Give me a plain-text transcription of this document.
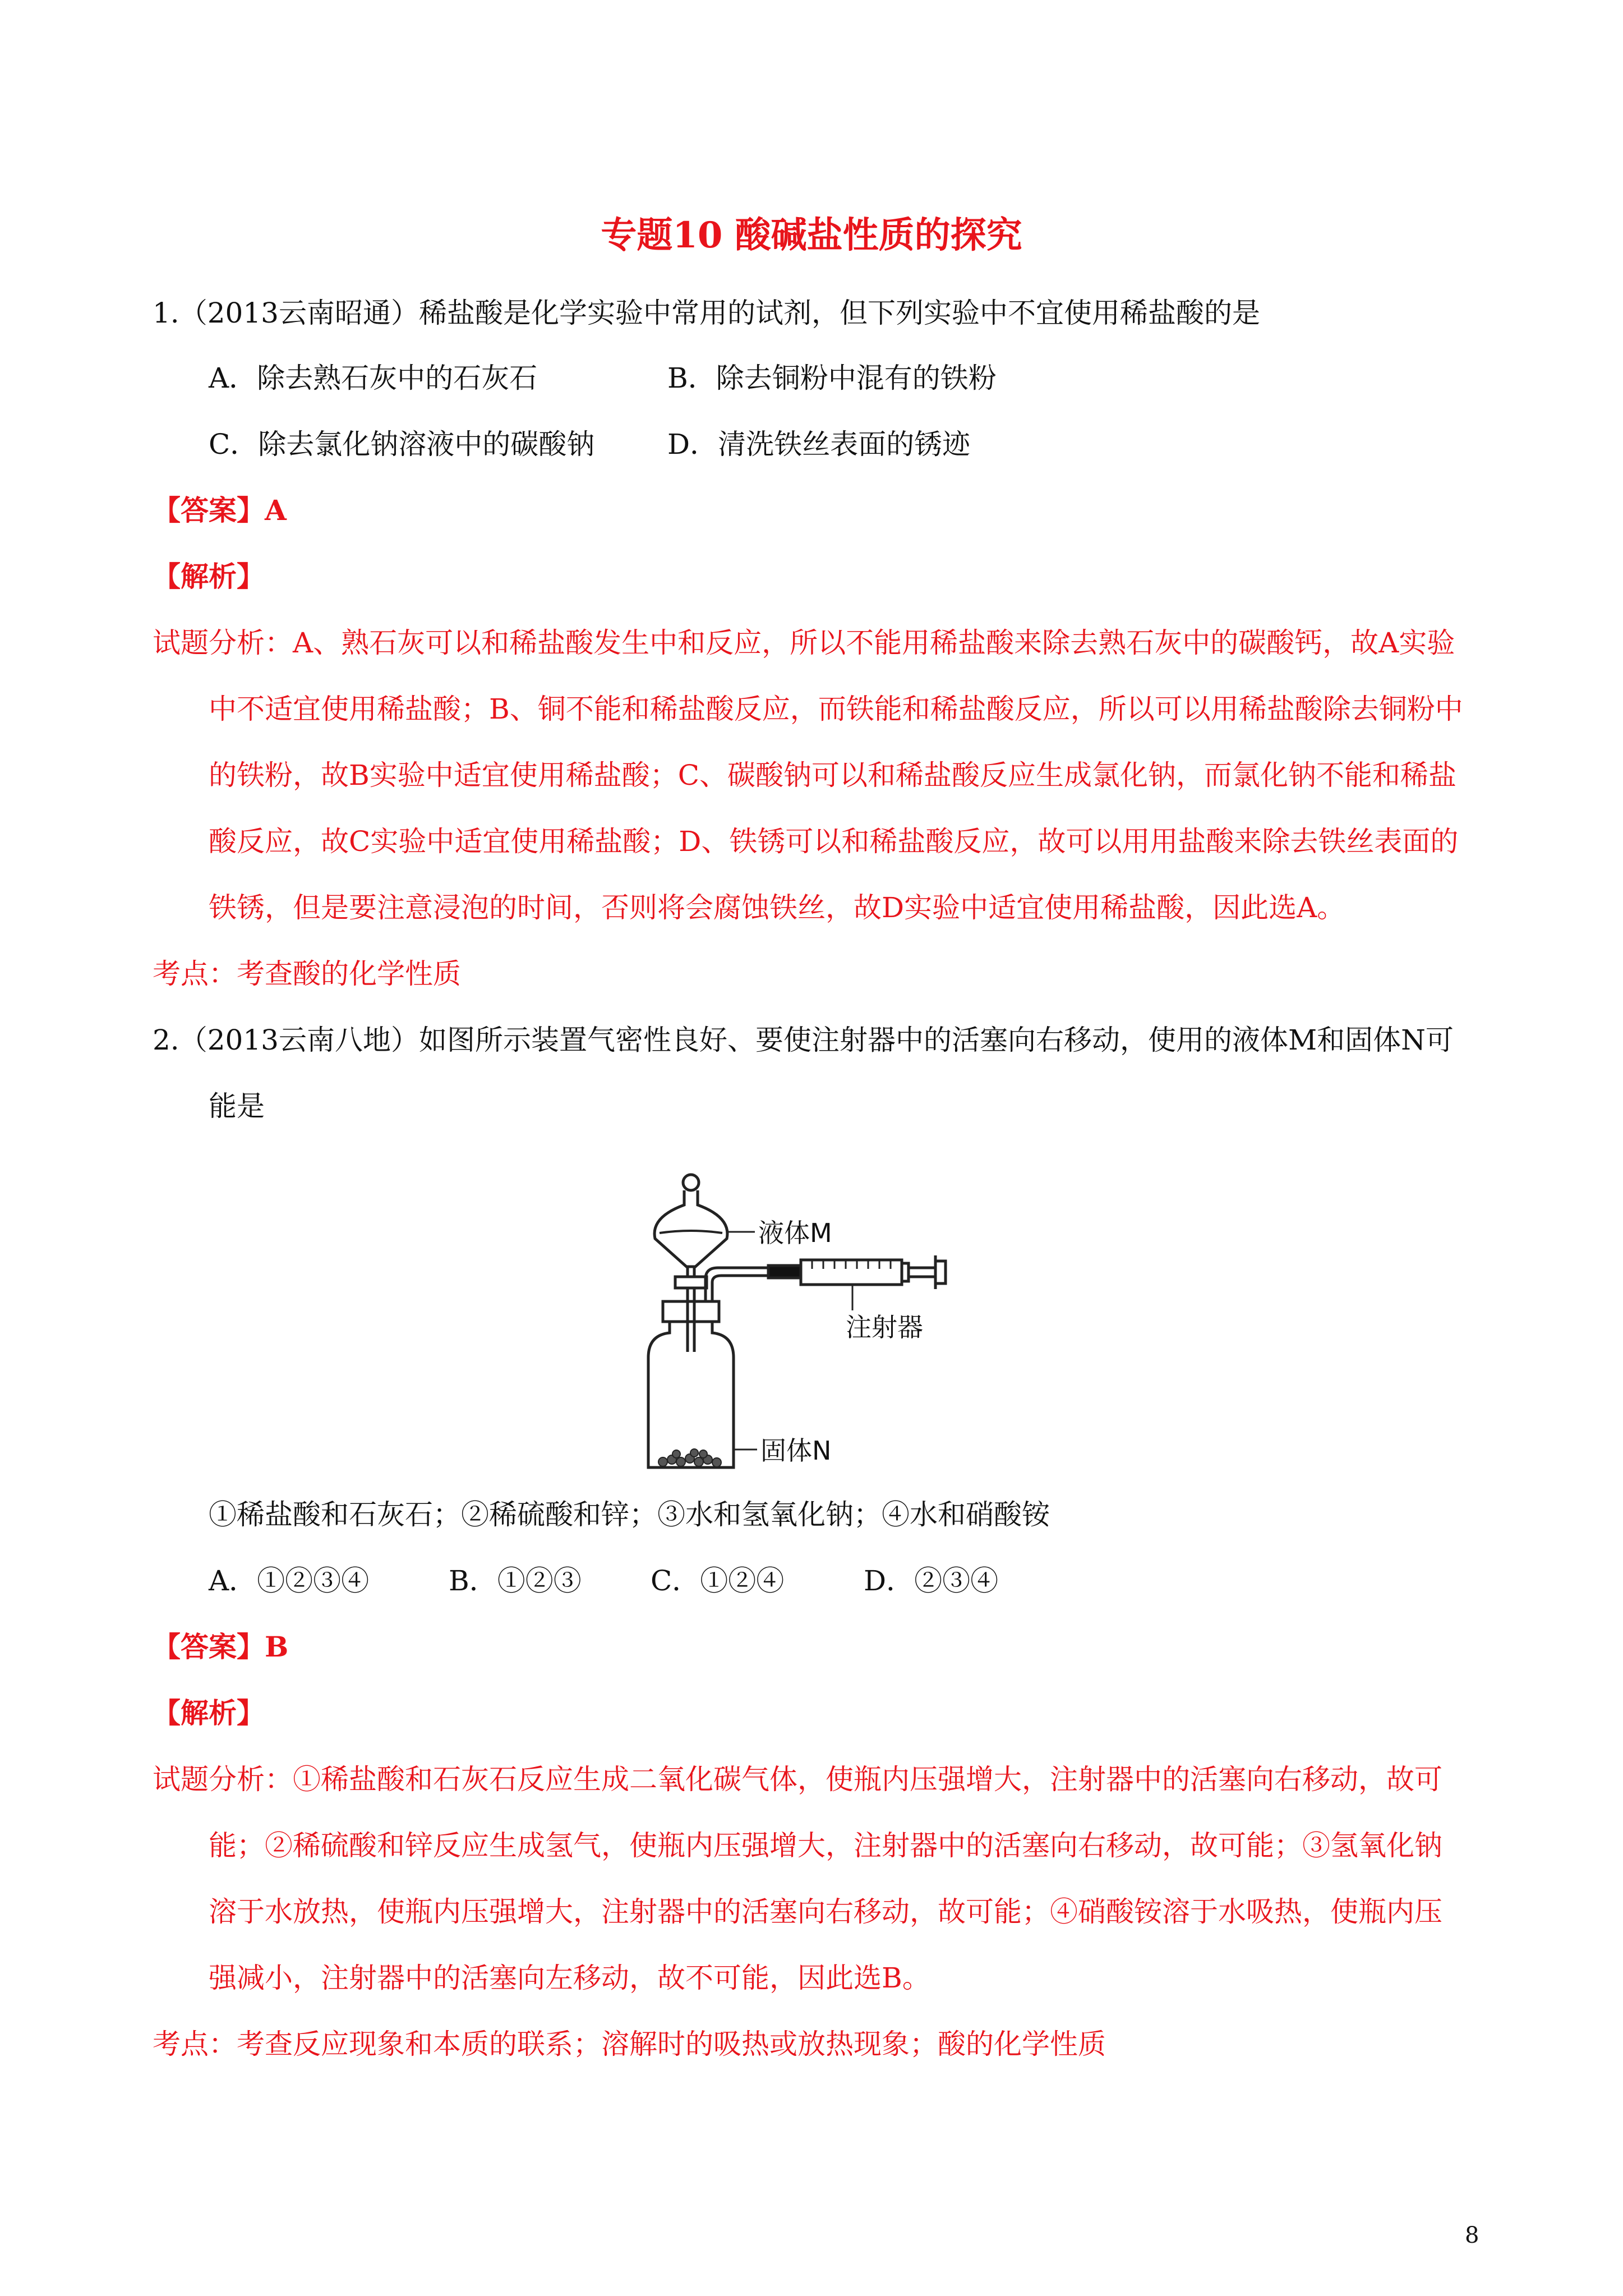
专题10 酸碱盐性质的探究
1.（2013云南昭通）稀盐酸是化学实验中常用的试剂，但下列实验中不宜使用稀盐酸的是
A．除去熟石灰中的石灰石	B．除去铜粉中混有的铁粉
C．除去氯化钠溶液中的碳酸钠	D．清洗铁丝表面的锈迹
【答案】A
【解析】
试题分析：A、熟石灰可以和稀盐酸发生中和反应，所以不能用稀盐酸来除去熟石灰中的碳酸钙，故A实验
中不适宜使用稀盐酸；B、铜不能和稀盐酸反应，而铁能和稀盐酸反应，所以可以用稀盐酸除去铜粉中
的铁粉，故B实验中适宜使用稀盐酸；C、碳酸钠可以和稀盐酸反应生成氯化钠，而氯化钠不能和稀盐
酸反应，故C实验中适宜使用稀盐酸；D、铁锈可以和稀盐酸反应，故可以用用盐酸来除去铁丝表面的
铁锈，但是要注意浸泡的时间，否则将会腐蚀铁丝，故D实验中适宜使用稀盐酸，因此选A。
考点：考查酸的化学性质
2.（2013云南八地）如图所示装置气密性良好、要使注射器中的活塞向右移动，使用的液体M和固体N可
能是
液体M
注射器
固体N
①稀盐酸和石灰石；②稀硫酸和锌；③水和氢氧化钠；④水和硝酸铵
A．①②③④	B．①②③ C．①②④	D．②③④
【答案】B
【解析】
试题分析：①稀盐酸和石灰石反应生成二氧化碳气体，使瓶内压强增大，注射器中的活塞向右移动，故可
能；②稀硫酸和锌反应生成氢气，使瓶内压强增大，注射器中的活塞向右移动，故可能；③氢氧化钠
溶于水放热，使瓶内压强增大，注射器中的活塞向右移动，故可能；④硝酸铵溶于水吸热，使瓶内压
强减小，注射器中的活塞向左移动，故不可能，因此选B。
考点：考查反应现象和本质的联系；溶解时的吸热或放热现象；酸的化学性质
8
